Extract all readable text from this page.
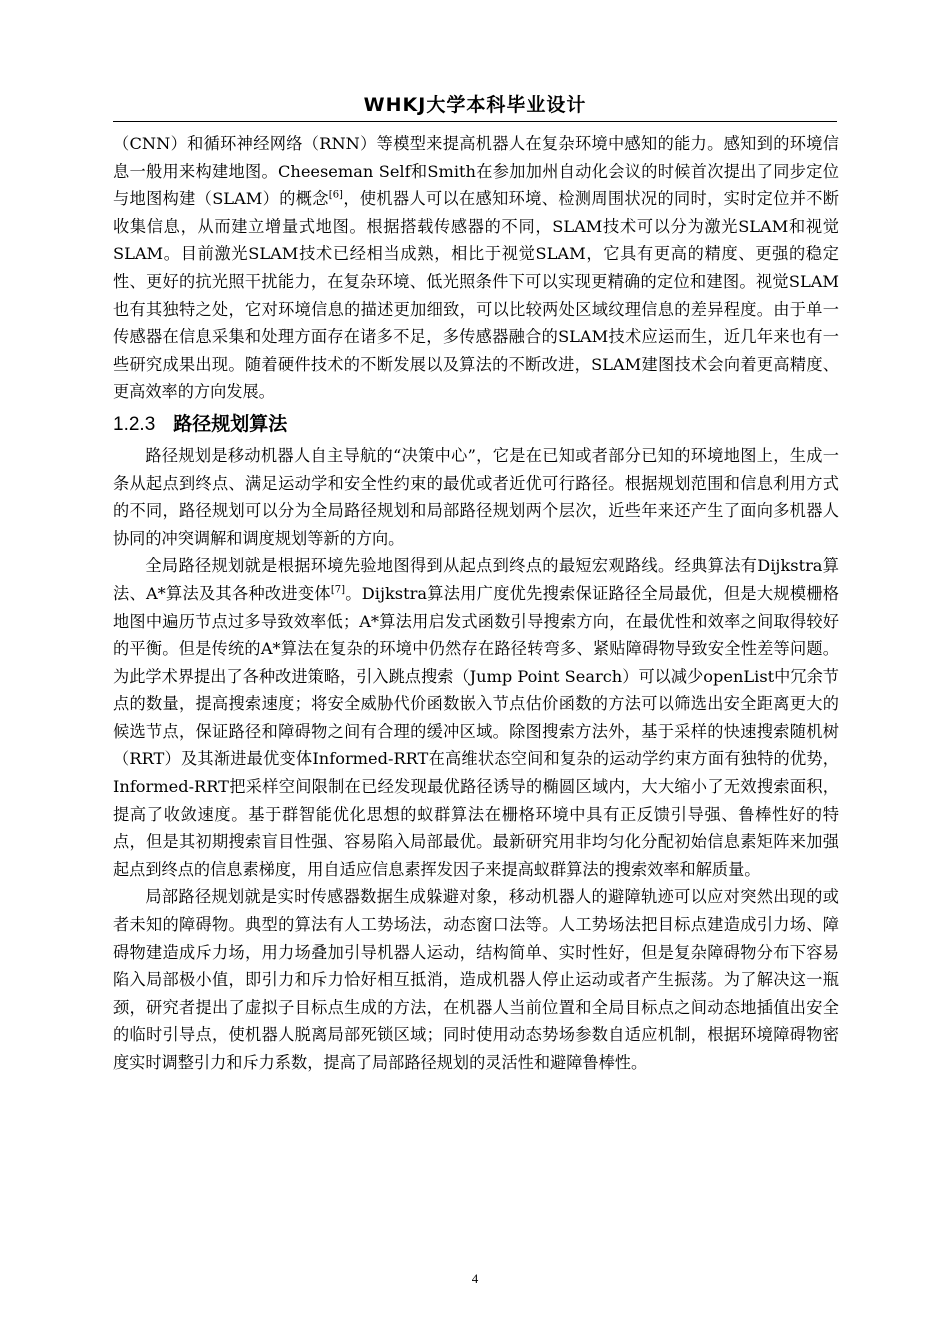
WHKJ大学本科毕业设计

（CNN）和循环神经网络（RNN）等模型来提高机器人在复杂环境中感知的能力。感知到的环境信息一般用来构建地图。Cheeseman Self和Smith在参加加州自动化会议的时候首次提出了同步定位与地图构建（SLAM）的概念[6]，使机器人可以在感知环境、检测周围状况的同时，实时定位并不断收集信息，从而建立增量式地图。根据搭载传感器的不同，SLAM技术可以分为激光SLAM和视觉SLAM。目前激光SLAM技术已经相当成熟，相比于视觉SLAM，它具有更高的精度、更强的稳定性、更好的抗光照干扰能力，在复杂环境、低光照条件下可以实现更精确的定位和建图。视觉SLAM也有其独特之处，它对环境信息的描述更加细致，可以比较两处区域纹理信息的差异程度。由于单一传感器在信息采集和处理方面存在诸多不足，多传感器融合的SLAM技术应运而生，近几年来也有一些研究成果出现。随着硬件技术的不断发展以及算法的不断改进，SLAM建图技术会向着更高精度、更高效率的方向发展。

1.2.3 路径规划算法

路径规划是移动机器人自主导航的“决策中心”，它是在已知或者部分已知的环境地图上，生成一条从起点到终点、满足运动学和安全性约束的最优或者近优可行路径。根据规划范围和信息利用方式的不同，路径规划可以分为全局路径规划和局部路径规划两个层次，近些年来还产生了面向多机器人协同的冲突调解和调度规划等新的方向。

全局路径规划就是根据环境先验地图得到从起点到终点的最短宏观路线。经典算法有Dijkstra算法、A*算法及其各种改进变体[7]。Dijkstra算法用广度优先搜索保证路径全局最优，但是大规模栅格地图中遍历节点过多导致效率低；A*算法用启发式函数引导搜索方向，在最优性和效率之间取得较好的平衡。但是传统的A*算法在复杂的环境中仍然存在路径转弯多、紧贴障碍物导致安全性差等问题。为此学术界提出了各种改进策略，引入跳点搜索（Jump Point Search）可以减少openList中冗余节点的数量，提高搜索速度；将安全威胁代价函数嵌入节点估价函数的方法可以筛选出安全距离更大的候选节点，保证路径和障碍物之间有合理的缓冲区域。除图搜索方法外，基于采样的快速搜索随机树（RRT）及其渐进最优变体Informed-RRT在高维状态空间和复杂的运动学约束方面有独特的优势，Informed-RRT把采样空间限制在已经发现最优路径诱导的椭圆区域内，大大缩小了无效搜索面积，提高了收敛速度。基于群智能优化思想的蚁群算法在栅格环境中具有正反馈引导强、鲁棒性好的特点，但是其初期搜索盲目性强、容易陷入局部最优。最新研究用非均匀化分配初始信息素矩阵来加强起点到终点的信息素梯度，用自适应信息素挥发因子来提高蚁群算法的搜索效率和解质量。

局部路径规划就是实时传感器数据生成躲避对象，移动机器人的避障轨迹可以应对突然出现的或者未知的障碍物。典型的算法有人工势场法，动态窗口法等。人工势场法把目标点建造成引力场、障碍物建造成斥力场，用力场叠加引导机器人运动，结构简单、实时性好，但是复杂障碍物分布下容易陷入局部极小值，即引力和斥力恰好相互抵消，造成机器人停止运动或者产生振荡。为了解决这一瓶颈，研究者提出了虚拟子目标点生成的方法，在机器人当前位置和全局目标点之间动态地插值出安全的临时引导点，使机器人脱离局部死锁区域；同时使用动态势场参数自适应机制，根据环境障碍物密度实时调整引力和斥力系数，提高了局部路径规划的灵活性和避障鲁棒性。

4
